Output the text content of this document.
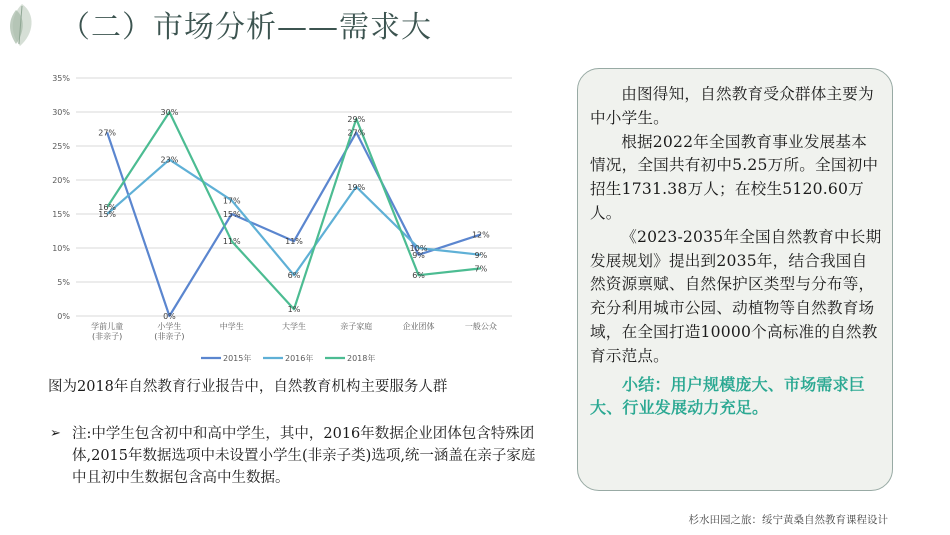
（二）市场分析——需求大
0%
5%
10%
15%
20%
25%
30%
35%
学前儿童
(非亲子)
小学生
(非亲子)
中学生	大学生	亲子家庭	企业团体	一般公众
27%
0%
15%
11%
27%
9%
12%
15%
23%
17%
6%
19%
10%
9%
16%
30%
11%
1%
29%
6%
7%
2015年	2016年	2018年
图为2018年自然教育行业报告中，自然教育机构主要服务人群
➢ 注:中学生包含初中和高中学生，其中，2016年数据企业团体包含特殊团体,2015年数据选项中未设置小学生(非亲子类)选项,统一涵盖在亲子家庭中且初中生数据包含高中生数据。

由图得知，自然教育受众群体主要为中小学生。

根据2022年全国教育事业发展基本情况，全国共有初中5.25万所。全国初中招生1731.38万人；在校生5120.60万人。

《2023-2035年全国自然教育中长期发展规划》提出到2035年，结合我国自然资源禀赋、自然保护区类型与分布等，充分利用城市公园、动植物等自然教育场域，在全国打造10000个高标准的自然教育示范点。

小结：用户规模庞大、市场需求巨大、行业发展动力充足。

杉水田园之旅：绥宁黄桑自然教育课程设计
